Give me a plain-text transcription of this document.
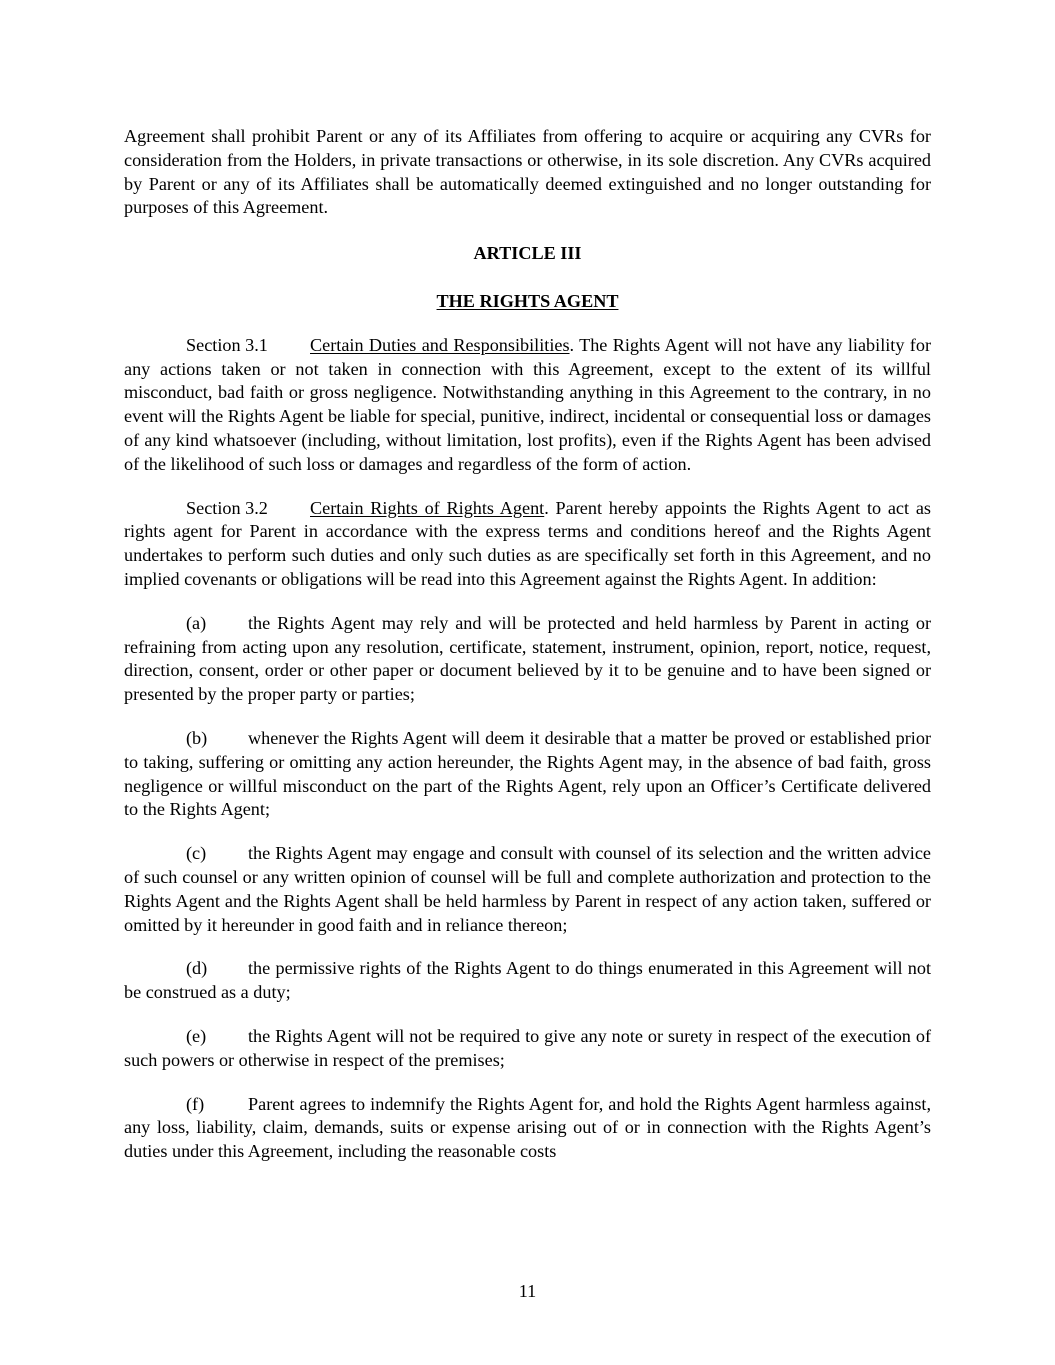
Agreement shall prohibit Parent or any of its Affiliates from offering to acquire or acquiring any CVRs for consideration from the Holders, in private transactions or otherwise, in its sole discretion. Any CVRs acquired by Parent or any of its Affiliates shall be automatically deemed extinguished and no longer outstanding for purposes of this Agreement.

ARTICLE III

THE RIGHTS AGENT

Section 3.1 Certain Duties and Responsibilities. The Rights Agent will not have any liability for any actions taken or not taken in connection with this Agreement, except to the extent of its willful misconduct, bad faith or gross negligence. Notwithstanding anything in this Agreement to the contrary, in no event will the Rights Agent be liable for special, punitive, indirect, incidental or consequential loss or damages of any kind whatsoever (including, without limitation, lost profits), even if the Rights Agent has been advised of the likelihood of such loss or damages and regardless of the form of action.

Section 3.2 Certain Rights of Rights Agent. Parent hereby appoints the Rights Agent to act as rights agent for Parent in accordance with the express terms and conditions hereof and the Rights Agent undertakes to perform such duties and only such duties as are specifically set forth in this Agreement, and no implied covenants or obligations will be read into this Agreement against the Rights Agent. In addition:

(a) the Rights Agent may rely and will be protected and held harmless by Parent in acting or refraining from acting upon any resolution, certificate, statement, instrument, opinion, report, notice, request, direction, consent, order or other paper or document believed by it to be genuine and to have been signed or presented by the proper party or parties;

(b) whenever the Rights Agent will deem it desirable that a matter be proved or established prior to taking, suffering or omitting any action hereunder, the Rights Agent may, in the absence of bad faith, gross negligence or willful misconduct on the part of the Rights Agent, rely upon an Officer’s Certificate delivered to the Rights Agent;

(c) the Rights Agent may engage and consult with counsel of its selection and the written advice of such counsel or any written opinion of counsel will be full and complete authorization and protection to the Rights Agent and the Rights Agent shall be held harmless by Parent in respect of any action taken, suffered or omitted by it hereunder in good faith and in reliance thereon;

(d) the permissive rights of the Rights Agent to do things enumerated in this Agreement will not be construed as a duty;

(e) the Rights Agent will not be required to give any note or surety in respect of the execution of such powers or otherwise in respect of the premises;

(f) Parent agrees to indemnify the Rights Agent for, and hold the Rights Agent harmless against, any loss, liability, claim, demands, suits or expense arising out of or in connection with the Rights Agent’s duties under this Agreement, including the reasonable costs

11
